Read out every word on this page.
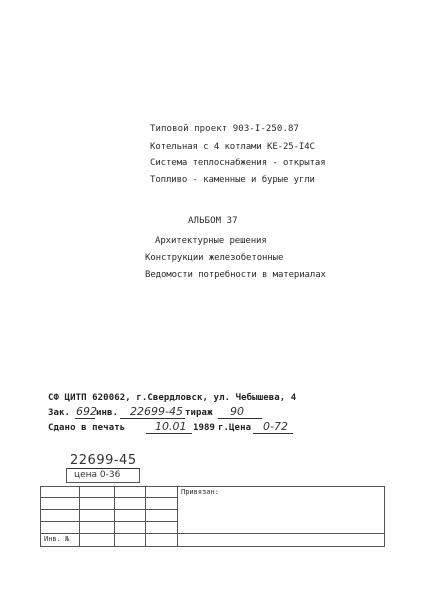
Типовой проект 903-I-250.87
Котельная с 4 котлами КЕ-25-I4С
Система теплоснабжения - открытая
Топливо - каменные и бурые угли
АЛЬБОМ 37
Архитектурные решения
Конструкции железобетонные
Ведомости потребности в материалах
СФ ЦИТП 620062, г.Свердловск, ул. Чебышева, 4
Зак. 692 инв. 22699-45 тираж 90
Сдано в печать	10.01 1989 г.Цена 0-72
22699-45
цена 0-36
Привязан:
Инв. №
